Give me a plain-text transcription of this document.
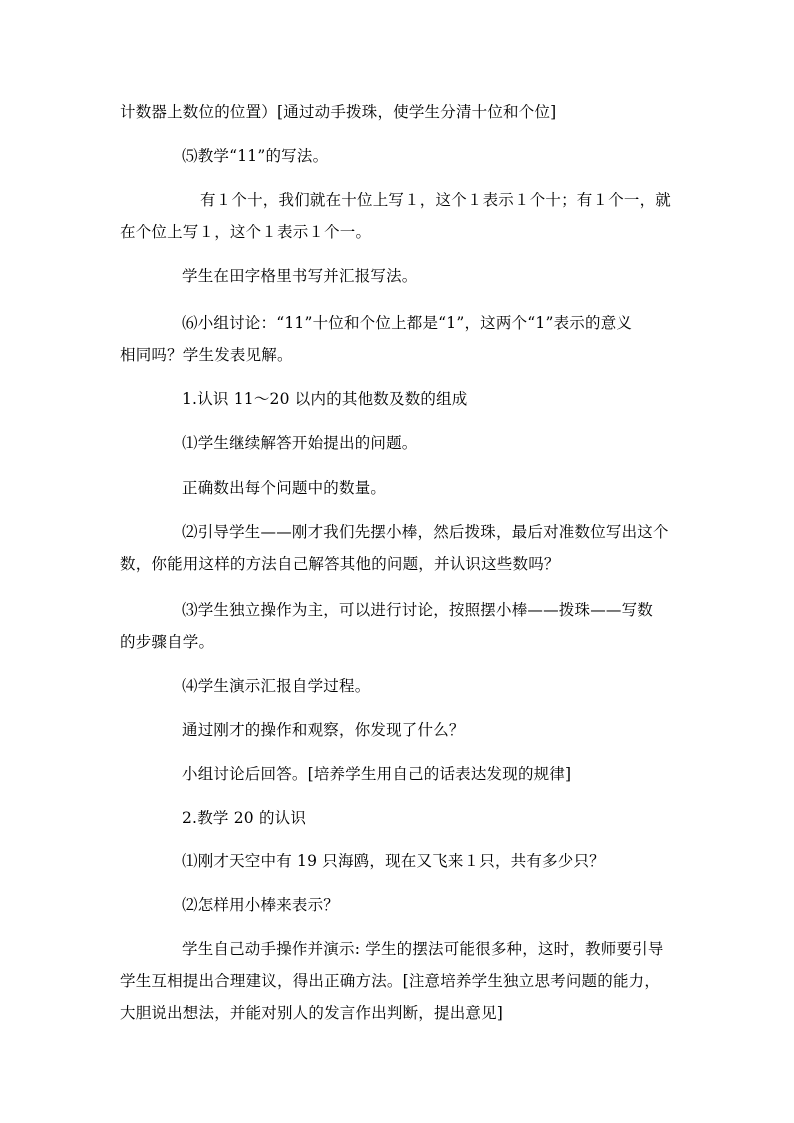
计数器上数位的位置）[通过动手拨珠，使学生分清十位和个位]
⑸教学“11”的写法。
有１个十，我们就在十位上写１，这个１表示１个十；有１个一，就
在个位上写１，这个１表示１个一。
学生在田字格里书写并汇报写法。
⑹小组讨论：“11”十位和个位上都是“1”，这两个“1”表示的意义
相同吗？学生发表见解。
1.认识 11～20 以内的其他数及数的组成
⑴学生继续解答开始提出的问题。
正确数出每个问题中的数量。
⑵引导学生——刚才我们先摆小棒，然后拨珠，最后对准数位写出这个
数，你能用这样的方法自己解答其他的问题，并认识这些数吗？
⑶学生独立操作为主，可以进行讨论，按照摆小棒——拨珠——写数
的步骤自学。
⑷学生演示汇报自学过程。
通过刚才的操作和观察，你发现了什么？
小组讨论后回答。[培养学生用自己的话表达发现的规律]
2.教学 20 的认识
⑴刚才天空中有 19 只海鸥，现在又飞来１只，共有多少只？
⑵怎样用小棒来表示？
学生自己动手操作并演示: 学生的摆法可能很多种，这时，教师要引导
学生互相提出合理建议，得出正确方法。[注意培养学生独立思考问题的能力，
大胆说出想法，并能对别人的发言作出判断，提出意见]
